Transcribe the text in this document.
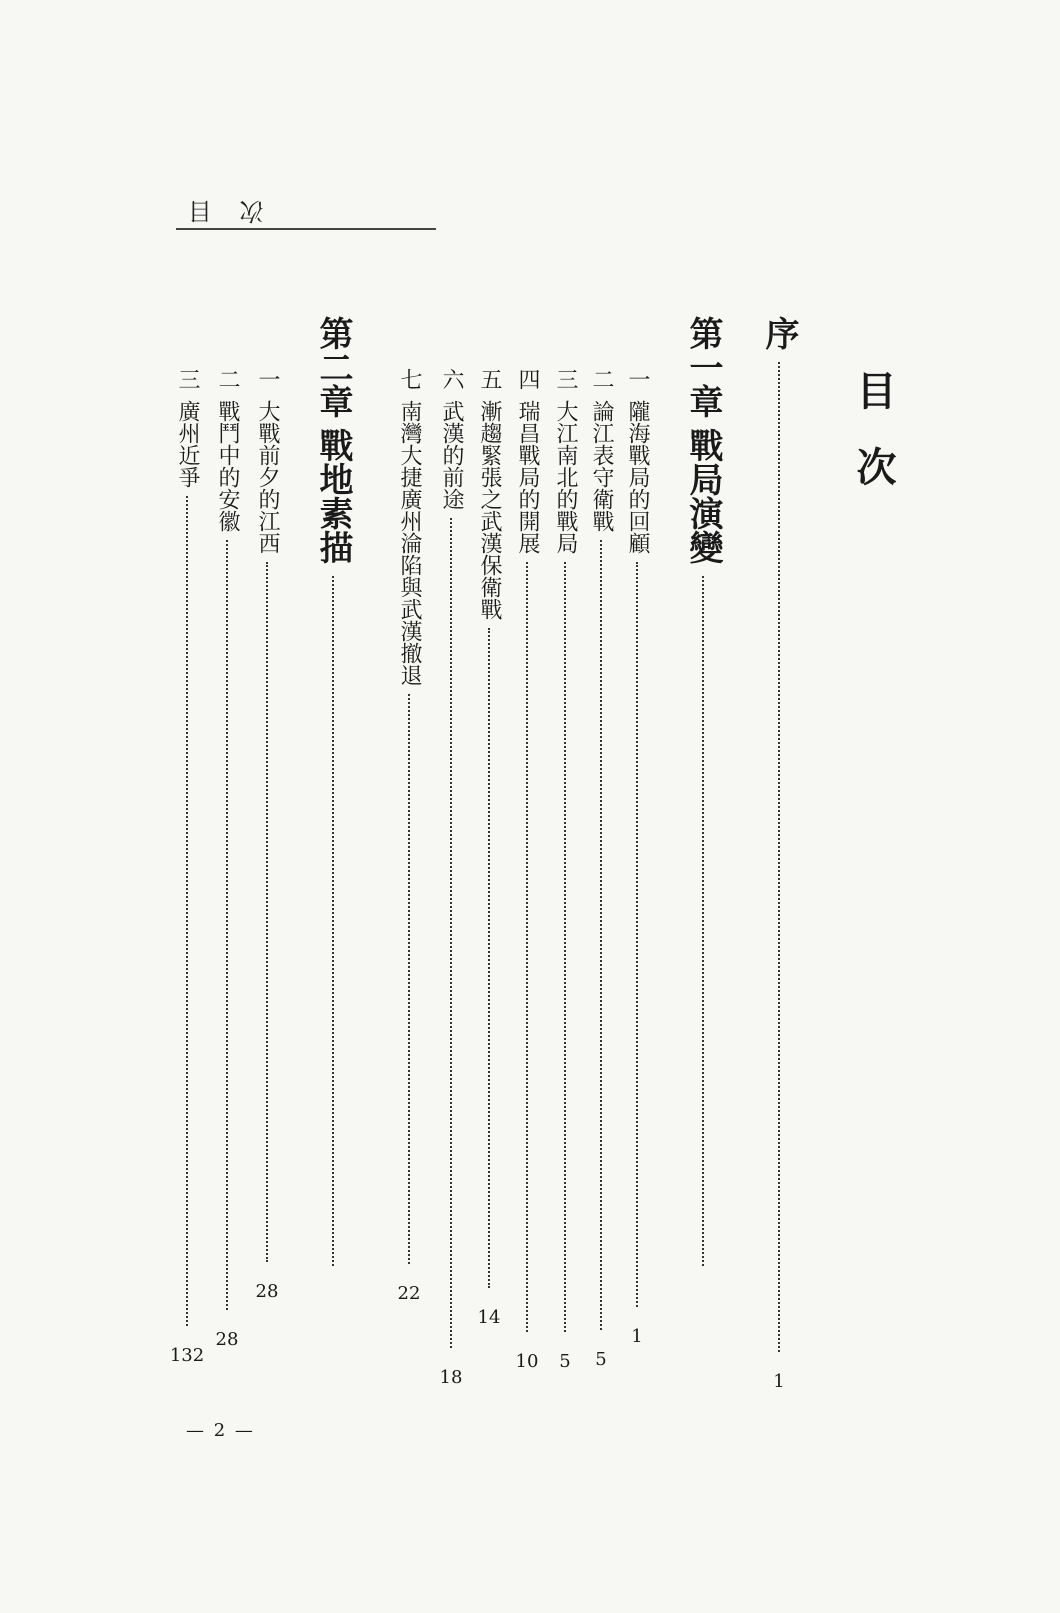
次 目
目次
序
1
第一章
戰局演變
一
隴海戰局的回顧
1
二
論江表守衛戰
5
三
大江南北的戰局
5
四
瑞昌戰局的開展
10
五
漸趨緊張之武漢保衛戰
14
六
武漢的前途
18
七
南灣大捷廣州淪陷與武漢撤退
22
第二章
戰地素描
一
大戰前夕的江西
28
二
戰鬥中的安徽
28
三
廣州近爭
132
— 2 —
